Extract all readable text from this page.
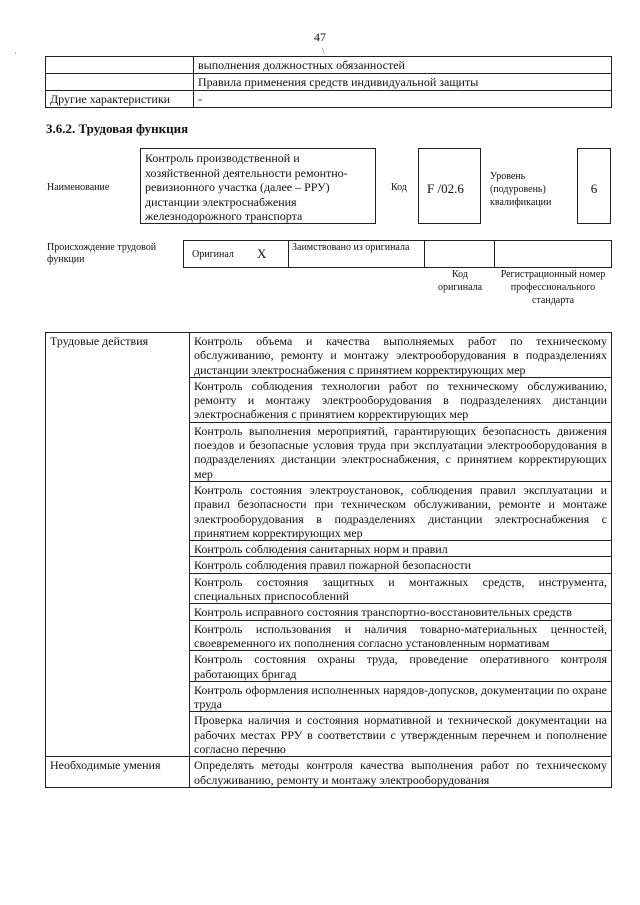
47
\
·
	выполнения должностных обязанностей
	Правила применения средств индивидуальной защиты
Другие характеристики	-
3.6.2. Трудовая функция
Наименование
Контроль производственной и хозяйственной деятельности ремонтно-ревизионного участка (далее – РРУ) дистанции электроснабжения железнодорожного транспорта
Код	F /02.6
Уровень (подуровень) квалификации
6
Происхождение трудовой функции	Оригинал X	Заимствовано из оригинала
Код оригинала
Регистрационный номер профессионального стандарта
Трудовые действия	Контроль объема и качества выполняемых работ по техническому обслуживанию, ремонту и монтажу электрооборудования в подразделениях дистанции электроснабжения с принятием корректирующих мер
	Контроль соблюдения технологии работ по техническому обслуживанию, ремонту и монтажу электрооборудования в подразделениях дистанции электроснабжения с принятием корректирующих мер
	Контроль выполнения мероприятий, гарантирующих безопасность движения поездов и безопасные условия труда при эксплуатации электрооборудования в подразделениях дистанции электроснабжения, с принятием корректирующих мер
	Контроль состояния электроустановок, соблюдения правил эксплуатации и правил безопасности при техническом обслуживании, ремонте и монтаже электрооборудования в подразделениях дистанции электроснабжения с принятием корректирующих мер
	Контроль соблюдения санитарных норм и правил
	Контроль соблюдения правил пожарной безопасности
	Контроль состояния защитных и монтажных средств, инструмента, специальных приспособлений
	Контроль исправного состояния транспортно-восстановительных средств
	Контроль использования и наличия товарно-материальных ценностей, своевременного их пополнения согласно установленным нормативам
	Контроль состояния охраны труда, проведение оперативного контроля работающих бригад
	Контроль оформления исполненных нарядов-допусков, документации по охране труда
	Проверка наличия и состояния нормативной и технической документации на рабочих местах РРУ в соответствии с утвержденным перечнем и пополнение согласно перечню
Необходимые умения	Определять методы контроля качества выполнения работ по техническому обслуживанию, ремонту и монтажу электрооборудования
